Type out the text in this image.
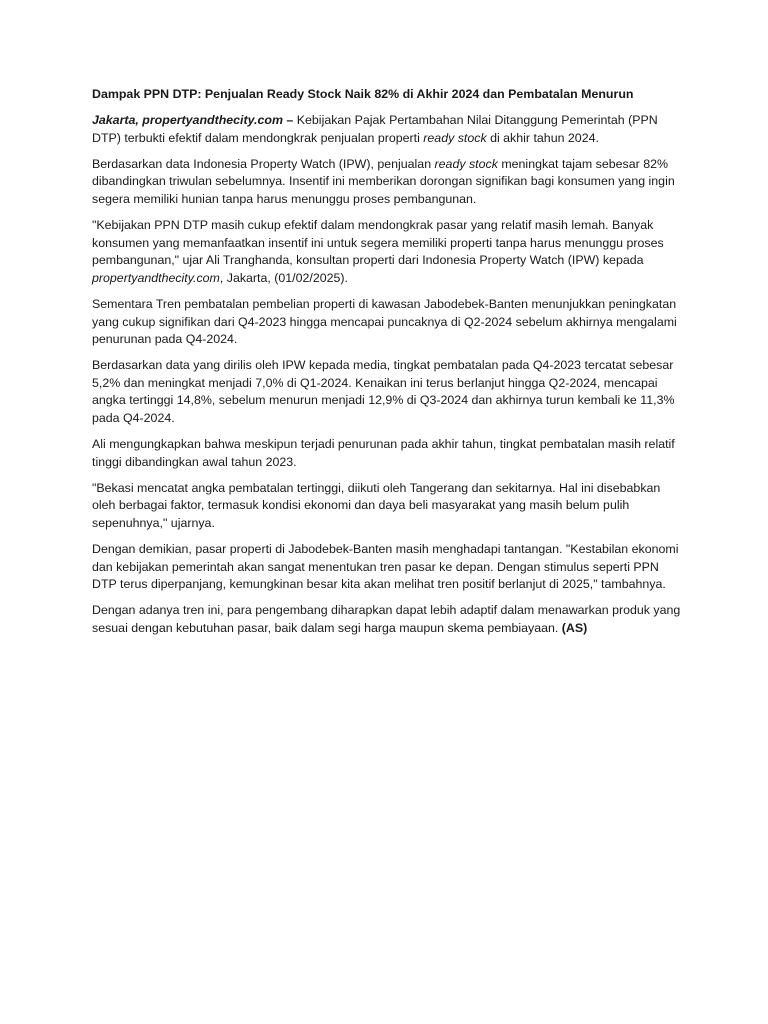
Dampak PPN DTP: Penjualan Ready Stock Naik 82% di Akhir 2024 dan Pembatalan Menurun

Jakarta, propertyandthecity.com – Kebijakan Pajak Pertambahan Nilai Ditanggung Pemerintah (PPN DTP) terbukti efektif dalam mendongkrak penjualan properti ready stock di akhir tahun 2024.

Berdasarkan data Indonesia Property Watch (IPW), penjualan ready stock meningkat tajam sebesar 82% dibandingkan triwulan sebelumnya. Insentif ini memberikan dorongan signifikan bagi konsumen yang ingin segera memiliki hunian tanpa harus menunggu proses pembangunan.

"Kebijakan PPN DTP masih cukup efektif dalam mendongkrak pasar yang relatif masih lemah. Banyak konsumen yang memanfaatkan insentif ini untuk segera memiliki properti tanpa harus menunggu proses pembangunan," ujar Ali Tranghanda, konsultan properti dari Indonesia Property Watch (IPW) kepada propertyandthecity.com, Jakarta, (01/02/2025).

Sementara Tren pembatalan pembelian properti di kawasan Jabodebek-Banten menunjukkan peningkatan yang cukup signifikan dari Q4-2023 hingga mencapai puncaknya di Q2-2024 sebelum akhirnya mengalami penurunan pada Q4-2024.

Berdasarkan data yang dirilis oleh IPW kepada media, tingkat pembatalan pada Q4-2023 tercatat sebesar 5,2% dan meningkat menjadi 7,0% di Q1-2024. Kenaikan ini terus berlanjut hingga Q2-2024, mencapai angka tertinggi 14,8%, sebelum menurun menjadi 12,9% di Q3-2024 dan akhirnya turun kembali ke 11,3% pada Q4-2024.

Ali mengungkapkan bahwa meskipun terjadi penurunan pada akhir tahun, tingkat pembatalan masih relatif tinggi dibandingkan awal tahun 2023.

"Bekasi mencatat angka pembatalan tertinggi, diikuti oleh Tangerang dan sekitarnya. Hal ini disebabkan oleh berbagai faktor, termasuk kondisi ekonomi dan daya beli masyarakat yang masih belum pulih sepenuhnya," ujarnya.

Dengan demikian, pasar properti di Jabodebek-Banten masih menghadapi tantangan. "Kestabilan ekonomi dan kebijakan pemerintah akan sangat menentukan tren pasar ke depan. Dengan stimulus seperti PPN DTP terus diperpanjang, kemungkinan besar kita akan melihat tren positif berlanjut di 2025," tambahnya.

Dengan adanya tren ini, para pengembang diharapkan dapat lebih adaptif dalam menawarkan produk yang sesuai dengan kebutuhan pasar, baik dalam segi harga maupun skema pembiayaan. (AS)
